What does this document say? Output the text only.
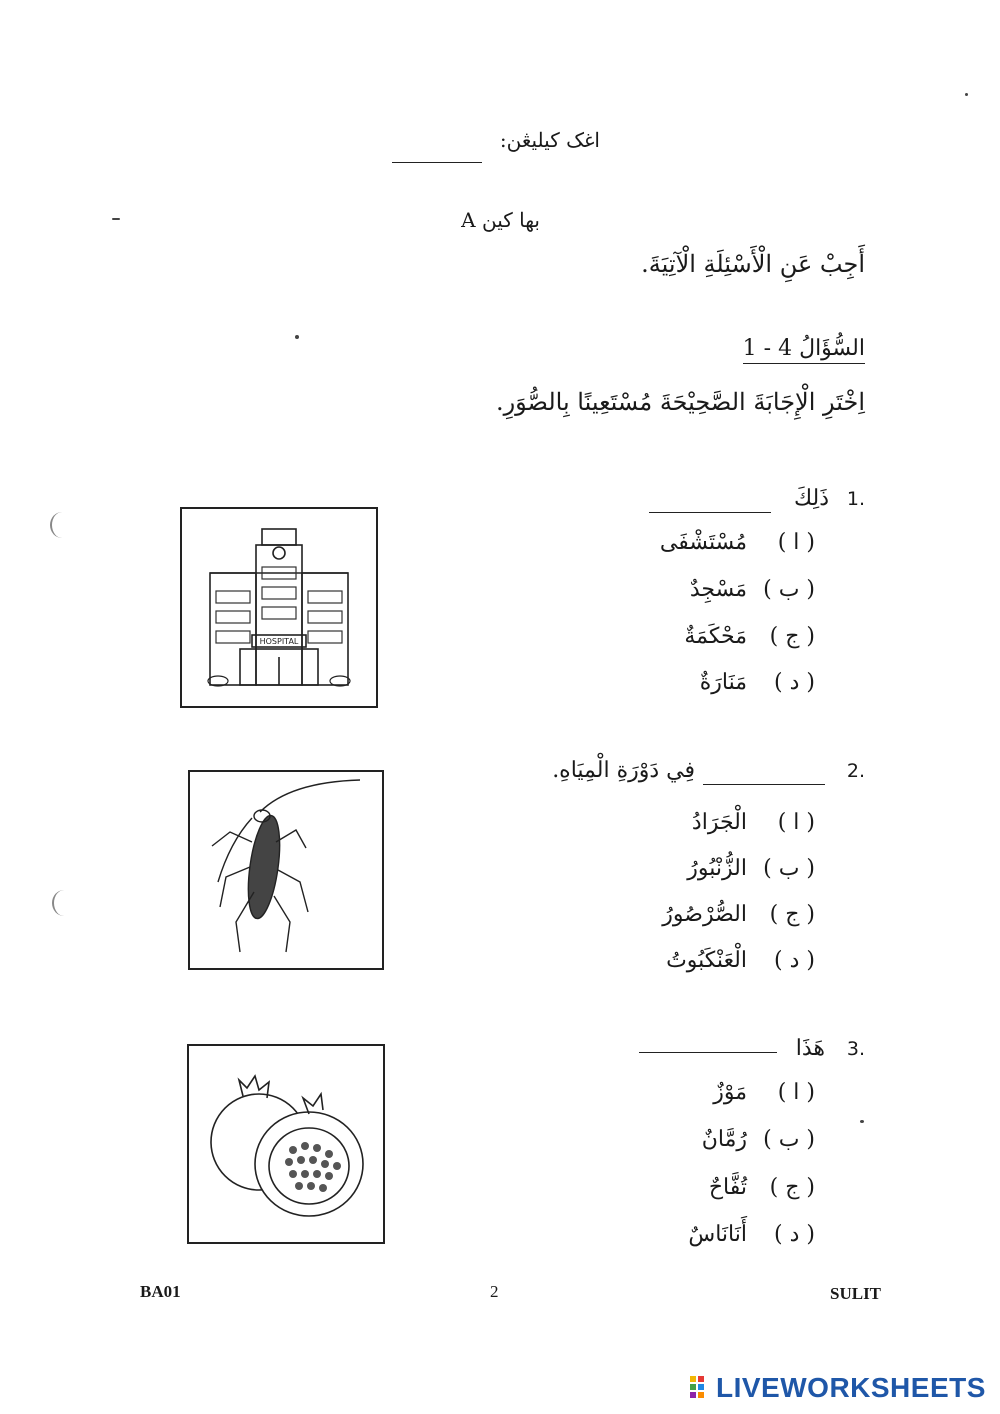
اغک کيليڠن:
بها کين A
أَجِبْ عَنِ الْأَسْئِلَةِ الْآتِيَةَ.
السُّؤَالُ 4 - 1
اِخْتَرِ الْإِجَابَةَ الصَّحِيْحَةَ مُسْتَعِينًا بِالصُّوَرِ.
1.
ذَلِكَ
( ا )
مُسْتَشْفَى
( ب )
مَسْجِدٌ
( ج )
مَحْكَمَةٌ
( د )
مَنَارَةٌ
HOSPITAL
2.
فِي دَوْرَةِ الْمِيَاهِ.
( ا )
الْجَرَادُ
( ب )
الزُّنْبُورُ
( ج )
الصُّرْصُورُ
( د )
الْعَنْكَبُوتُ
3.
هَذَا
( ا )
مَوْزٌ
( ب )
رُمَّانٌ
( ج )
تُفَّاحٌ
( د )
أَنَانَاسٌ
BA01	2	SULIT
LIVEWORKSHEETS
